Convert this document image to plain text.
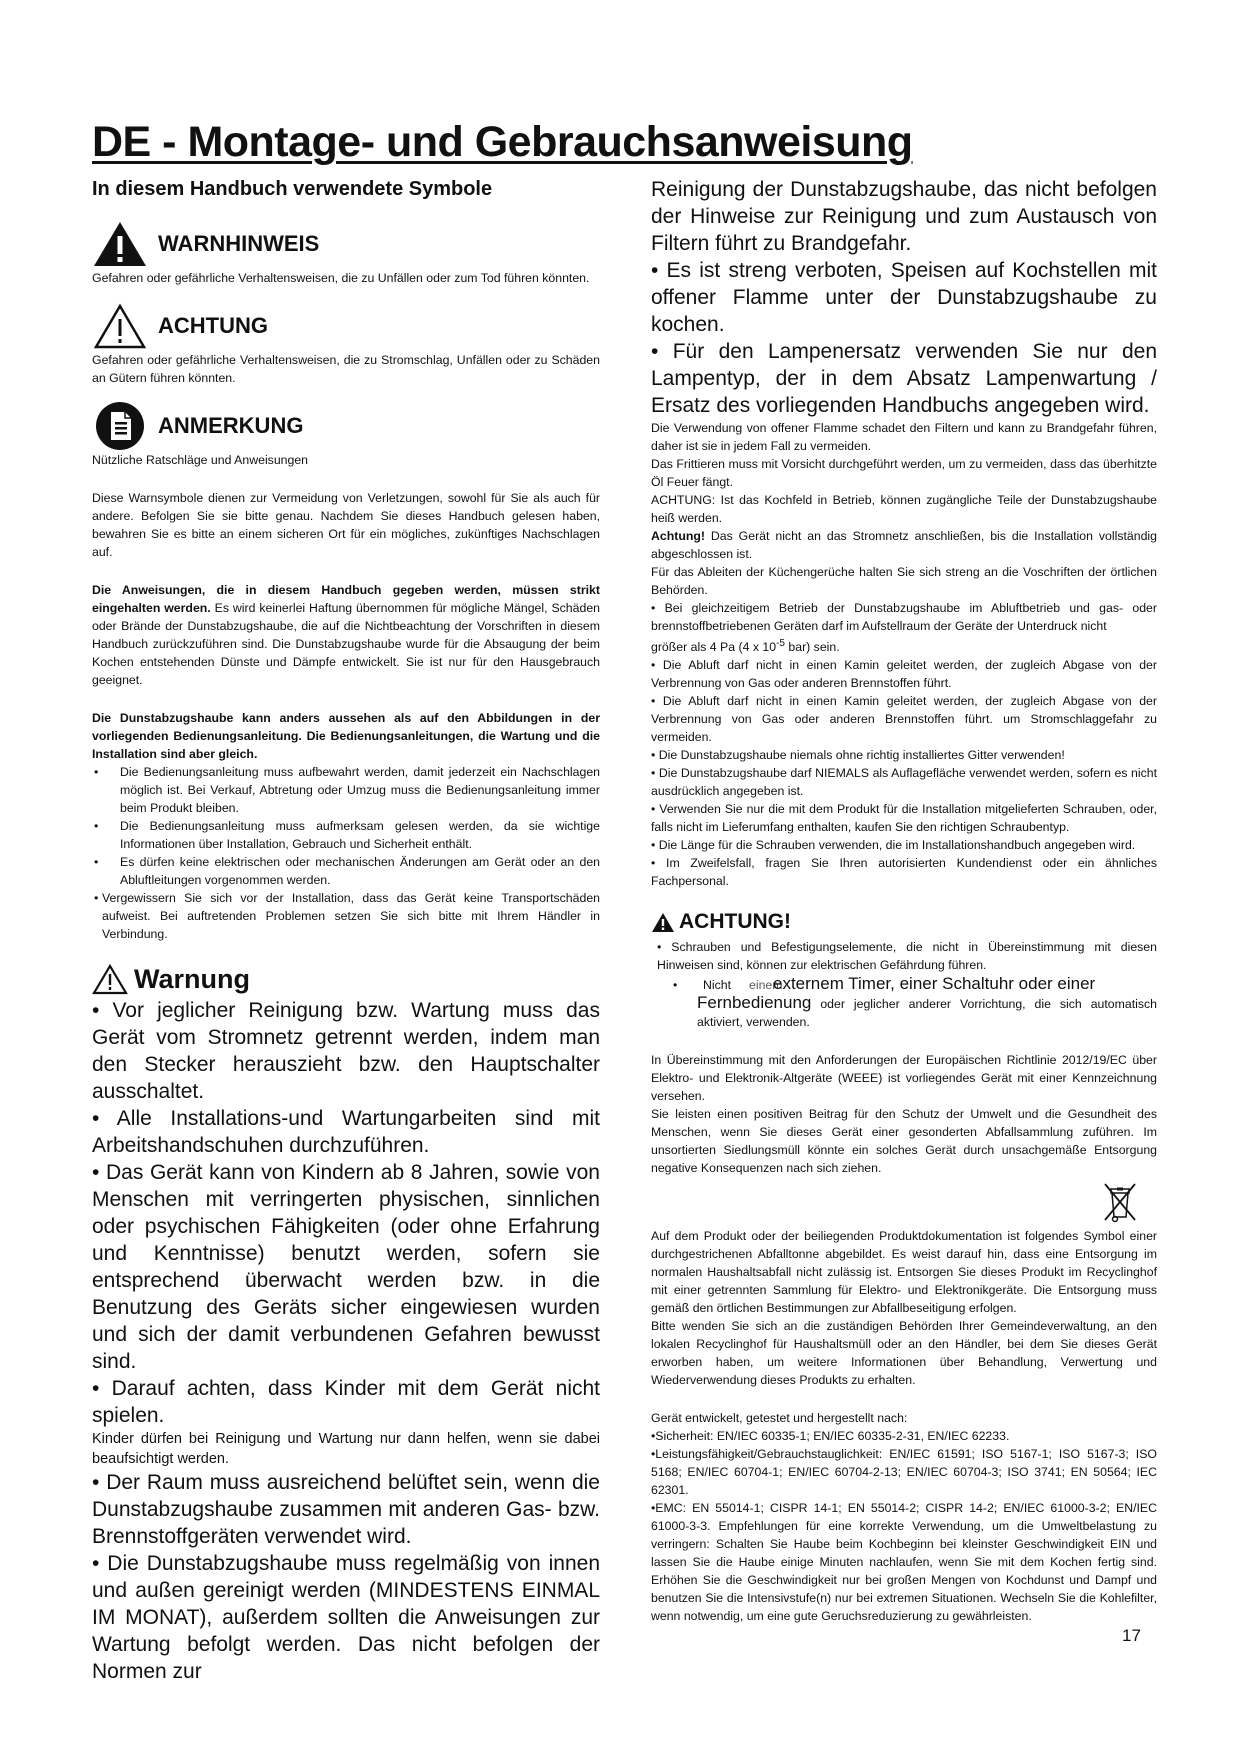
DE - Montage- und Gebrauchsanweisung
In diesem Handbuch verwendete Symbole
WARNHINWEIS

Gefahren oder gefährliche Verhaltensweisen, die zu Unfällen oder zum Tod führen könnten.

ACHTUNG

Gefahren oder gefährliche Verhaltensweisen, die zu Stromschlag, Unfällen oder zu Schäden an Gütern führen könnten.

ANMERKUNG

Nützliche Ratschläge und Anweisungen

Diese Warnsymbole dienen zur Vermeidung von Verletzungen, sowohl für Sie als auch für andere. Befolgen Sie sie bitte genau. Nachdem Sie dieses Handbuch gelesen haben, bewahren Sie es bitte an einem sicheren Ort für ein mögliches, zukünftiges Nachschlagen auf.

Die Anweisungen, die in diesem Handbuch gegeben werden, müssen strikt eingehalten werden. Es wird keinerlei Haftung übernommen für mögliche Mängel, Schäden oder Brände der Dunstabzugshaube, die auf die Nichtbeachtung der Vorschriften in diesem Handbuch zurückzuführen sind. Die Dunstabzugshaube wurde für die Absaugung der beim Kochen entstehenden Dünste und Dämpfe entwickelt. Sie ist nur für den Hausgebrauch geeignet.

Die Dunstabzugshaube kann anders aussehen als auf den Abbildungen in der vorliegenden Bedienungsanleitung. Die Bedienungsanleitungen, die Wartung und die Installation sind aber gleich.

•	Die Bedienungsanleitung muss aufbewahrt werden, damit jederzeit ein Nachschlagen möglich ist. Bei Verkauf, Abtretung oder Umzug muss die Bedienungsanleitung immer beim Produkt bleiben.
•	Die Bedienungsanleitung muss aufmerksam gelesen werden, da sie wichtige Informationen über Installation, Gebrauch und Sicherheit enthält.
•	Es dürfen keine elektrischen oder mechanischen Änderungen am Gerät oder an den Abluftleitungen vorgenommen werden.
• Vergewissern Sie sich vor der Installation, dass das Gerät keine Transportschäden aufweist. Bei auftretenden Problemen setzen Sie sich bitte mit Ihrem Händler in Verbindung.
Warnung

• Vor jeglicher Reinigung bzw. Wartung muss das Gerät vom Stromnetz getrennt werden, indem man den Stecker herauszieht bzw. den Hauptschalter ausschaltet.

• Alle Installations-und Wartungarbeiten sind mit Arbeitshandschuhen durchzuführen.

• Das Gerät kann von Kindern ab 8 Jahren, sowie von Menschen mit verringerten physischen, sinnlichen oder psychischen Fähigkeiten (oder ohne Erfahrung und Kenntnisse) benutzt werden, sofern sie entsprechend überwacht werden bzw. in die Benutzung des Geräts sicher eingewiesen wurden und sich der damit verbundenen Gefahren bewusst sind.

• Darauf achten, dass Kinder mit dem Gerät nicht spielen.

Kinder dürfen bei Reinigung und Wartung nur dann helfen, wenn sie dabei beaufsichtigt werden.

• Der Raum muss ausreichend belüftet sein, wenn die Dunstabzugshaube zusammen mit anderen Gas- bzw. Brennstoffgeräten verwendet wird.

• Die Dunstabzugshaube muss regelmäßig von innen und außen gereinigt werden (MINDESTENS EINMAL IM MONAT), außerdem sollten die Anweisungen zur Wartung befolgt werden. Das nicht befolgen der Normen zur

Reinigung der Dunstabzugshaube, das nicht befolgen der Hinweise zur Reinigung und zum Austausch von Filtern führt zu Brandgefahr.

• Es ist streng verboten, Speisen auf Kochstellen mit offener Flamme unter der Dunstabzugshaube zu kochen.

• Für den Lampenersatz verwenden Sie nur den Lampentyp, der in dem Absatz Lampenwartung / Ersatz des vorliegenden Handbuchs angegeben wird.

Die Verwendung von offener Flamme schadet den Filtern und kann zu Brandgefahr führen, daher ist sie in jedem Fall zu vermeiden.

Das Frittieren muss mit Vorsicht durchgeführt werden, um zu vermeiden, dass das überhitzte Öl Feuer fängt.

ACHTUNG: Ist das Kochfeld in Betrieb, können zugängliche Teile der Dunstabzugshaube heiß werden.

Achtung! Das Gerät nicht an das Stromnetz anschließen, bis die Installation vollständig abgeschlossen ist.

Für das Ableiten der Küchengerüche halten Sie sich streng an die Voschriften der örtlichen Behörden.

• Bei gleichzeitigem Betrieb der Dunstabzugshaube im Abluftbetrieb und gas- oder brennstoffbetriebenen Geräten darf im Aufstellraum der Geräte der Unterdruck nicht

größer als 4 Pa (4 x $10^{-5}$ bar) sein.

• Die Abluft darf nicht in einen Kamin geleitet werden, der zugleich Abgase von der Verbrennung von Gas oder anderen Brennstoffen führt.

• Die Abluft darf nicht in einen Kamin geleitet werden, der zugleich Abgase von der Verbrennung von Gas oder anderen Brennstoffen führt. um Stromschlaggefahr zu vermeiden.

• Die Dunstabzugshaube niemals ohne richtig installiertes Gitter verwenden!

• Die Dunstabzugshaube darf NIEMALS als Auflagefläche verwendet werden, sofern es nicht ausdrücklich angegeben ist.

• Verwenden Sie nur die mit dem Produkt für die Installation mitgelieferten Schrauben, oder, falls nicht im Lieferumfang enthalten, kaufen Sie den richtigen Schraubentyp.

• Die Länge für die Schrauben verwenden, die im Installationshandbuch angegeben wird.

• Im Zweifelsfall, fragen Sie Ihren autorisierten Kundendienst oder ein ähnliches Fachpersonal.

ACHTUNG!

• Schrauben und Befestigungselemente, die nicht in Übereinstimmung mit diesen Hinweisen sind, können zur elektrischen Gefährdung führen.

•	Nicht	einem
externem Timer, einer Schaltuhr oder einer

Fernbedienung oder jeglicher anderer Vorrichtung, die sich automatisch aktiviert, verwenden.

In Übereinstimmung mit den Anforderungen der Europäischen Richtlinie 2012/19/EC über Elektro- und Elektronik-Altgeräte (WEEE) ist vorliegendes Gerät mit einer Kennzeichnung versehen.

Sie leisten einen positiven Beitrag für den Schutz der Umwelt und die Gesundheit des Menschen, wenn Sie dieses Gerät einer gesonderten Abfallsammlung zuführen. Im unsortierten Siedlungsmüll könnte ein solches Gerät durch unsachgemäße Entsorgung negative Konsequenzen nach sich ziehen.

Auf dem Produkt oder der beiliegenden Produktdokumentation ist folgendes Symbol einer durchgestrichenen Abfalltonne abgebildet. Es weist darauf hin, dass eine Entsorgung im normalen Haushaltsabfall nicht zulässig ist. Entsorgen Sie dieses Produkt im Recyclinghof mit einer getrennten Sammlung für Elektro- und Elektronikgeräte. Die Entsorgung muss gemäß den örtlichen Bestimmungen zur Abfallbeseitigung erfolgen.

Bitte wenden Sie sich an die zuständigen Behörden Ihrer Gemeindeverwaltung, an den lokalen Recyclinghof für Haushaltsmüll oder an den Händler, bei dem Sie dieses Gerät erworben haben, um weitere Informationen über Behandlung, Verwertung und Wiederverwendung dieses Produkts zu erhalten.

Gerät entwickelt, getestet und hergestellt nach:

•Sicherheit: EN/IEC 60335-1; EN/IEC 60335-2-31, EN/IEC 62233.

•Leistungsfähigkeit/Gebrauchstauglichkeit: EN/IEC 61591; ISO 5167-1; ISO 5167-3; ISO 5168; EN/IEC 60704-1; EN/IEC 60704-2-13; EN/IEC 60704-3; ISO 3741; EN 50564; IEC 62301.

•EMC: EN 55014-1; CISPR 14-1; EN 55014-2; CISPR 14-2; EN/IEC 61000-3-2; EN/IEC 61000-3-3. Empfehlungen für eine korrekte Verwendung, um die Umweltbelastung zu verringern: Schalten Sie Haube beim Kochbeginn bei kleinster Geschwindigkeit EIN und lassen Sie die Haube einige Minuten nachlaufen, wenn Sie mit dem Kochen fertig sind. Erhöhen Sie die Geschwindigkeit nur bei großen Mengen von Kochdunst und Dampf und benutzen Sie die Intensivstufe(n) nur bei extremen Situationen. Wechseln Sie die Kohlefilter, wenn notwendig, um eine gute Geruchsreduzierung zu gewährleisten.

17
